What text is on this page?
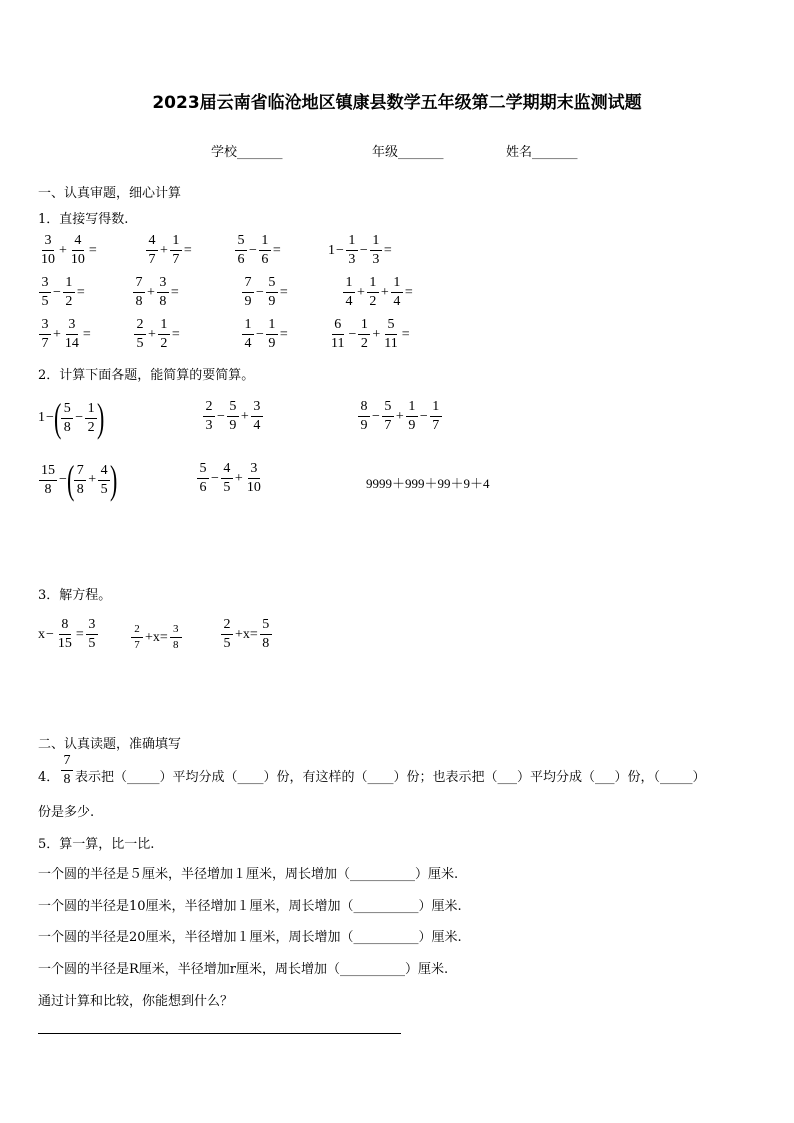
2023届云南省临沧地区镇康县数学五年级第二学期期末监测试题
学校_______	年级_______	姓名_______
一、认真审题，细心计算
1．直接写得数.
$\frac{3}{10} + \frac{4}{10}$ =	$\frac{4}{7} + \frac{1}{7}$ =	$\frac{5}{6} - \frac{1}{6}$ =	$1 - \frac{1}{3} - \frac{1}{3}$ =
$\frac{3}{5} - \frac{1}{2}$ =	$\frac{7}{8} + \frac{3}{8}$ =	$\frac{7}{9} - \frac{5}{9}$ =	$\frac{1}{4} + \frac{1}{2} + \frac{1}{4}$ =
$\frac{3}{7} + \frac{3}{14}$ =	$\frac{2}{5} + \frac{1}{2}$ =	$\frac{1}{4} - \frac{1}{9}$ =	$\frac{6}{11} - \frac{1}{2} + \frac{5}{11}$ =
2．计算下面各题，能简算的要简算。
1 − ( $\frac{5}{8} - \frac{1}{2}$ )	$\frac{2}{3} - \frac{5}{9} + \frac{3}{4}$	$\frac{8}{9} - \frac{5}{7} + \frac{1}{9} - \frac{1}{7}$
$\frac{15}{8}$ − ( $\frac{7}{8} + \frac{4}{5}$ )	$\frac{5}{6} - \frac{4}{5} + \frac{3}{10}$	9999＋999＋99＋9＋4
3．解方程。
$x - \frac{8}{15} = \frac{3}{5}$	$\frac{2}{7} +x= \frac{3}{8}$	$\frac{2}{5} +x= \frac{5}{8}$
二、认真读题，准确填写
4． $\frac{7}{8}$ 表示把（_____）平均分成（____）份，有这样的（____）份；也表示把（___）平均分成（___）份，（_____）
份是多少.
5．算一算，比一比.
一个圆的半径是５厘米，半径增加１厘米，周长增加（__________）厘米.
一个圆的半径是10厘米，半径增加１厘米，周长增加（__________）厘米.
一个圆的半径是20厘米，半径增加１厘米，周长增加（__________）厘米.
一个圆的半径是R厘米，半径增加r厘米，周长增加（__________）厘米.
通过计算和比较，你能想到什么？
